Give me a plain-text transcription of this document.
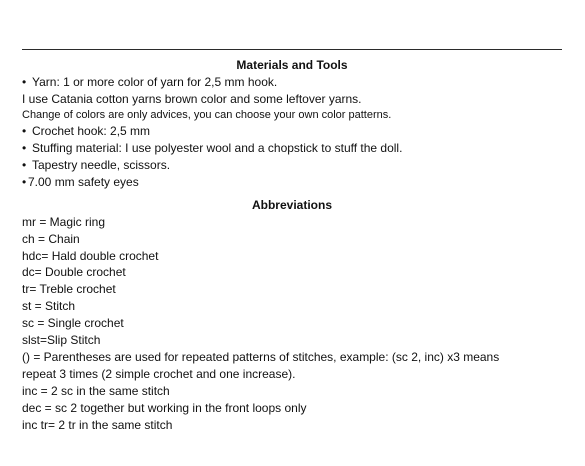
Materials and Tools
• Yarn: 1 or more color of yarn for 2,5 mm hook.
I use Catania cotton yarns brown color and some leftover yarns.
Change of colors are only advices, you can choose your own color patterns.
• Crochet hook: 2,5 mm
• Stuffing material: I use polyester wool and a chopstick to stuff the doll.
• Tapestry needle, scissors.
• 7.00 mm safety eyes
Abbreviations
mr = Magic ring
ch = Chain
hdc= Hald double crochet
dc= Double crochet
tr= Treble crochet
st = Stitch
sc = Single crochet
slst=Slip Stitch
() = Parentheses are used for repeated patterns of stitches, example: (sc 2, inc) x3 means
repeat 3 times (2 simple crochet and one increase).
inc = 2 sc in the same stitch
dec = sc 2 together but working in the front loops only
inc tr= 2 tr in the same stitch
